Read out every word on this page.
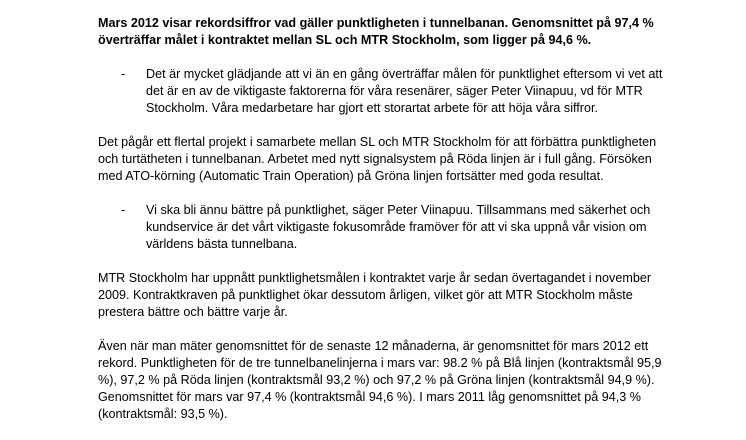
Mars 2012 visar rekordsiffror vad gäller punktligheten i tunnelbanan. Genomsnittet på 97,4 % överträffar målet i kontraktet mellan SL och MTR Stockholm, som ligger på 94,6 %.

- Det är mycket glädjande att vi än en gång överträffar målen för punktlighet eftersom vi vet att det är en av de viktigaste faktorerna för våra resenärer, säger Peter Viinapuu, vd för MTR Stockholm. Våra medarbetare har gjort ett storartat arbete för att höja våra siffror.

Det pågår ett flertal projekt i samarbete mellan SL och MTR Stockholm för att förbättra punktligheten och turtätheten i tunnelbanan. Arbetet med nytt signalsystem på Röda linjen är i full gång. Försöken med ATO-körning (Automatic Train Operation) på Gröna linjen fortsätter med goda resultat.

- Vi ska bli ännu bättre på punktlighet, säger Peter Viinapuu. Tillsammans med säkerhet och kundservice är det vårt viktigaste fokusområde framöver för att vi ska uppnå vår vision om världens bästa tunnelbana.

MTR Stockholm har uppnått punktlighetsmålen i kontraktet varje år sedan övertagandet i november 2009. Kontraktkraven på punktlighet ökar dessutom årligen, vilket gör att MTR Stockholm måste prestera bättre och bättre varje år.

Även när man mäter genomsnittet för de senaste 12 månaderna, är genomsnittet för mars 2012 ett rekord. Punktligheten för de tre tunnelbanelinjerna i mars var: 98.2 % på Blå linjen (kontraktsmål 95,9 %), 97,2 % på Röda linjen (kontraktsmål 93,2 %) och 97,2 % på Gröna linjen (kontraktsmål 94,9 %). Genomsnittet för mars var 97,4 % (kontraktsmål 94,6 %). I mars 2011 låg genomsnittet på 94,3 % (kontraktsmål: 93,5 %).
